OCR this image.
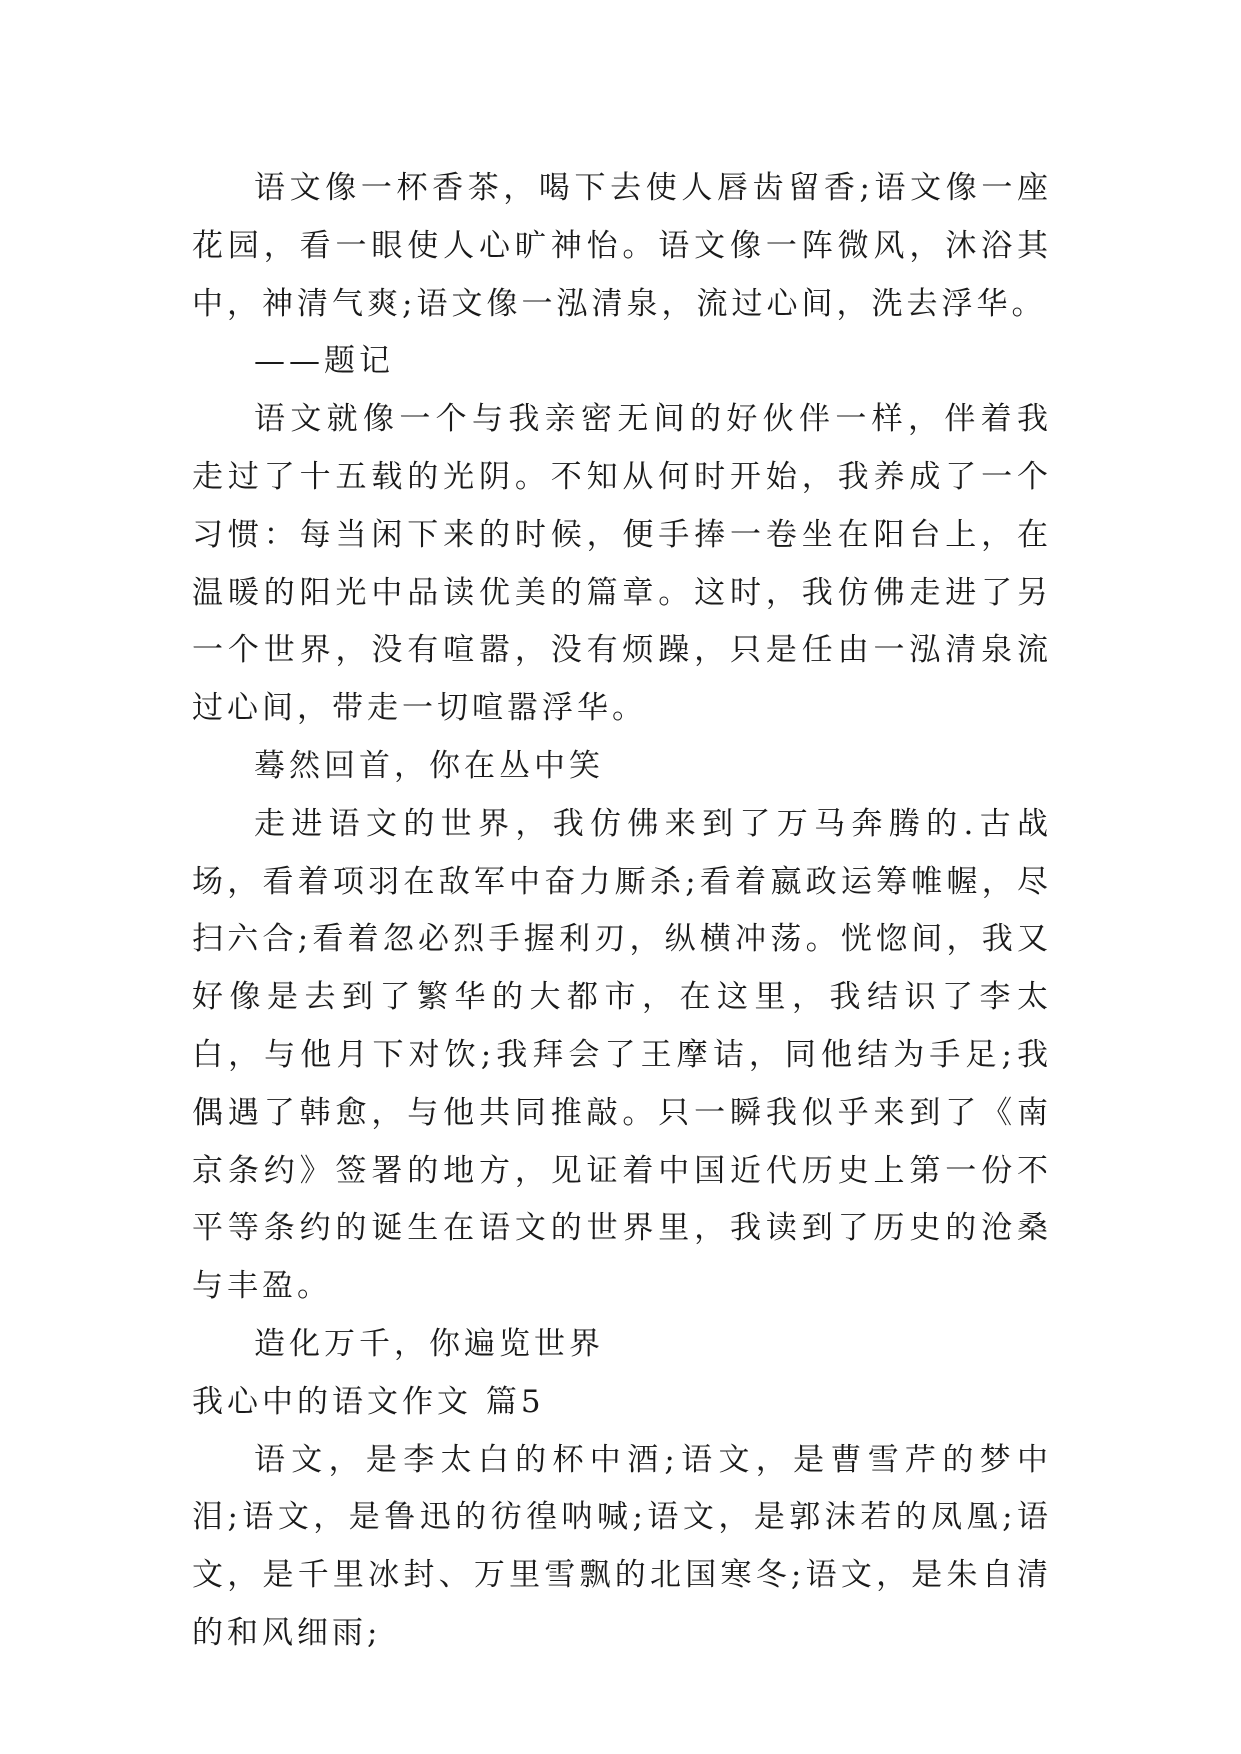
语文像一杯香茶，喝下去使人唇齿留香;语文像一座花园，看一眼使人心旷神怡。语文像一阵微风，沐浴其中，神清气爽;语文像一泓清泉，流过心间，洗去浮华。

——题记

语文就像一个与我亲密无间的好伙伴一样，伴着我走过了十五载的光阴。不知从何时开始，我养成了一个习惯：每当闲下来的时候，便手捧一卷坐在阳台上，在温暖的阳光中品读优美的篇章。这时，我仿佛走进了另一个世界，没有喧嚣，没有烦躁，只是任由一泓清泉流过心间，带走一切喧嚣浮华。

蓦然回首，你在丛中笑

走进语文的世界，我仿佛来到了万马奔腾的.古战场，看着项羽在敌军中奋力厮杀;看着嬴政运筹帷幄，尽扫六合;看着忽必烈手握利刃，纵横冲荡。恍惚间，我又好像是去到了繁华的大都市，在这里，我结识了李太白，与他月下对饮;我拜会了王摩诘，同他结为手足;我偶遇了韩愈，与他共同推敲。只一瞬我似乎来到了《南京条约》签署的地方，见证着中国近代历史上第一份不平等条约的诞生在语文的世界里，我读到了历史的沧桑与丰盈。

造化万千，你遍览世界

我心中的语文作文 篇5

语文，是李太白的杯中酒;语文，是曹雪芹的梦中泪;语文，是鲁迅的彷徨呐喊;语文，是郭沫若的凤凰;语文，是千里冰封、万里雪飘的北国寒冬;语文，是朱自清的和风细雨;
